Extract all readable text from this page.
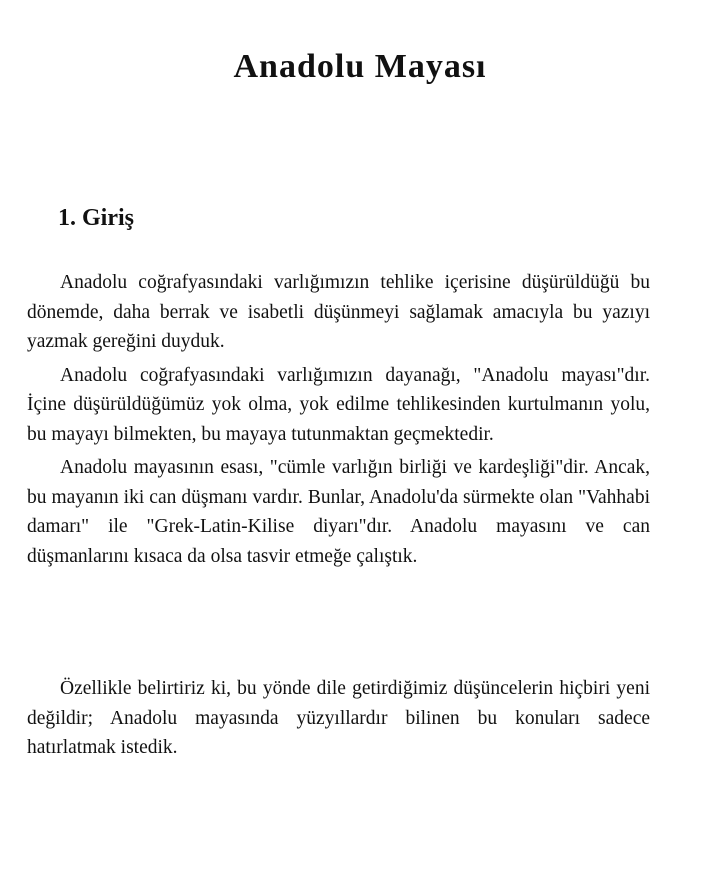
Anadolu Mayası
1. Giriş

Anadolu coğrafyasındaki varlığımızın tehlike içerisine düşürüldüğü bu dönemde, daha berrak ve isabetli düşünmeyi sağlamak amacıyla bu yazıyı yazmak gereğini duyduk.

Anadolu coğrafyasındaki varlığımızın dayanağı, "Anadolu mayası"dır. İçine düşürüldüğümüz yok olma, yok edilme tehlikesinden kurtulmanın yolu, bu mayayı bilmekten, bu mayaya tutunmaktan geçmektedir.

Anadolu mayasının esası, "cümle varlığın birliği ve kardeşliği"dir. Ancak, bu mayanın iki can düşmanı vardır. Bunlar, Anadolu'da sürmekte olan "Vahhabi damarı" ile "Grek-Latin-Kilise diyarı"dır. Anadolu mayasını ve can düşmanlarını kısaca da olsa tasvir etmeğe çalıştık.

Özellikle belirtiriz ki, bu yönde dile getirdiğimiz düşüncelerin hiçbiri yeni değildir; Anadolu mayasında yüzyıllardır bilinen bu konuları sadece hatırlatmak istedik.
